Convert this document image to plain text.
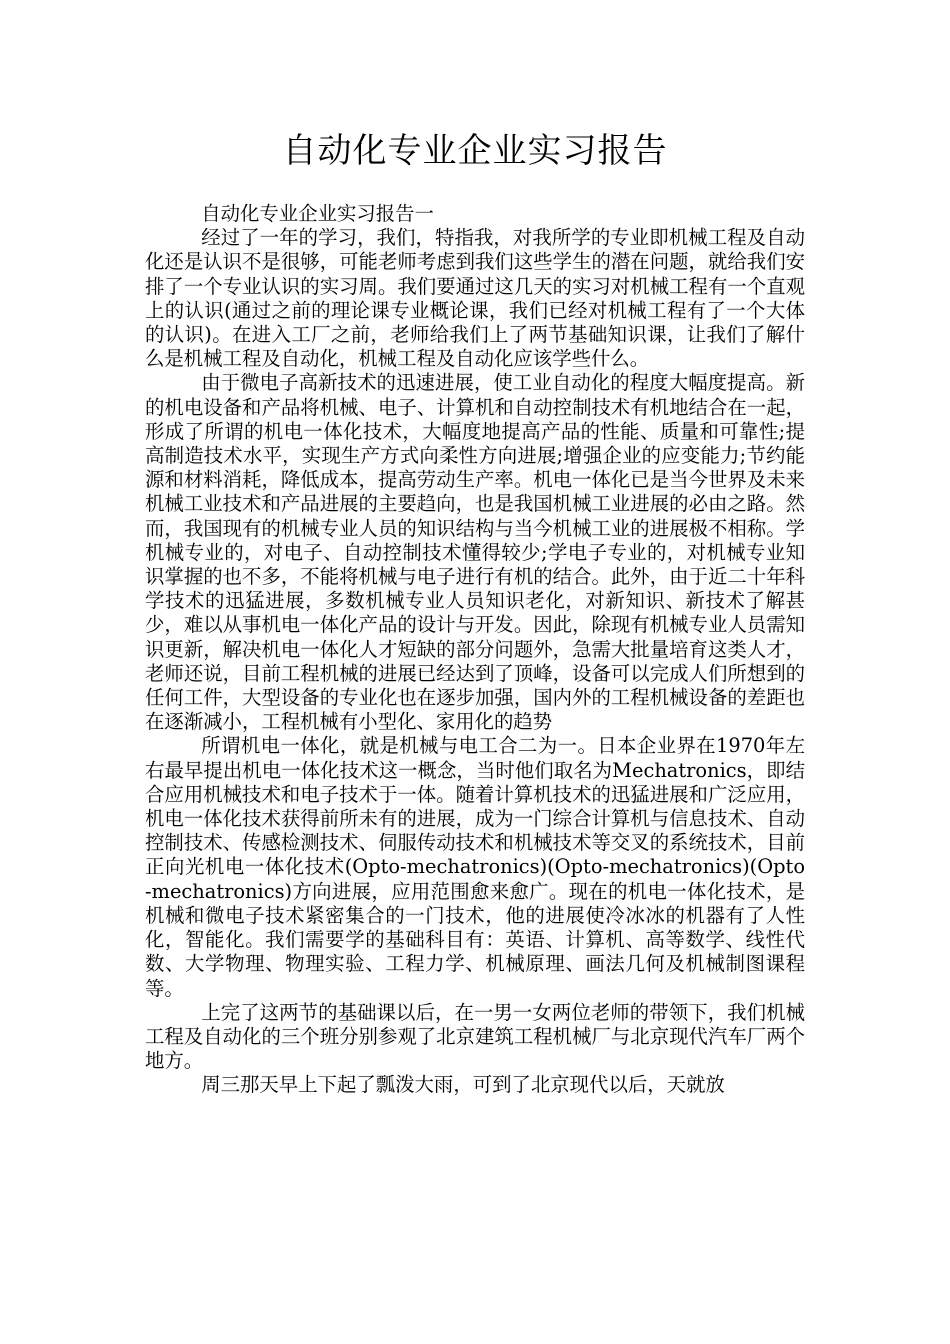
自动化专业企业实习报告

自动化专业企业实习报告一

经过了一年的学习，我们，特指我，对我所学的专业即机械工程及自动化还是认识不是很够，可能老师考虑到我们这些学生的潜在问题，就给我们安排了一个专业认识的实习周。我们要通过这几天的实习对机械工程有一个直观上的认识(通过之前的理论课专业概论课，我们已经对机械工程有了一个大体的认识)。在进入工厂之前，老师给我们上了两节基础知识课，让我们了解什么是机械工程及自动化，机械工程及自动化应该学些什么。

由于微电子高新技术的迅速进展，使工业自动化的程度大幅度提高。新的机电设备和产品将机械、电子、计算机和自动控制技术有机地结合在一起，形成了所谓的机电一体化技术，大幅度地提高产品的性能、质量和可靠性;提高制造技术水平，实现生产方式向柔性方向进展;增强企业的应变能力;节约能源和材料消耗，降低成本，提高劳动生产率。机电一体化已是当今世界及未来机械工业技术和产品进展的主要趋向，也是我国机械工业进展的必由之路。然而，我国现有的机械专业人员的知识结构与当今机械工业的进展极不相称。学机械专业的，对电子、自动控制技术懂得较少;学电子专业的，对机械专业知识掌握的也不多，不能将机械与电子进行有机的结合。此外，由于近二十年科学技术的迅猛进展，多数机械专业人员知识老化，对新知识、新技术了解甚少，难以从事机电一体化产品的设计与开发。因此，除现有机械专业人员需知识更新，解决机电一体化人才短缺的部分问题外，急需大批量培育这类人才，老师还说，目前工程机械的进展已经达到了顶峰，设备可以完成人们所想到的任何工件，大型设备的专业化也在逐步加强，国内外的工程机械设备的差距也在逐渐减小，工程机械有小型化、家用化的趋势

所谓机电一体化，就是机械与电工合二为一。日本企业界在1970年左右最早提出机电一体化技术这一概念，当时他们取名为Mechatronics，即结合应用机械技术和电子技术于一体。随着计算机技术的迅猛进展和广泛应用，机电一体化技术获得前所未有的进展，成为一门综合计算机与信息技术、自动控制技术、传感检测技术、伺服传动技术和机械技术等交叉的系统技术，目前正向光机电一体化技术(Opto-mechatronics)(Opto-mechatronics)(Opto-mechatronics)方向进展，应用范围愈来愈广。现在的机电一体化技术，是机械和微电子技术紧密集合的一门技术，他的进展使冷冰冰的机器有了人性化，智能化。我们需要学的基础科目有：英语、计算机、高等数学、线性代数、大学物理、物理实验、工程力学、机械原理、画法几何及机械制图课程等。

上完了这两节的基础课以后，在一男一女两位老师的带领下，我们机械工程及自动化的三个班分别参观了北京建筑工程机械厂与北京现代汽车厂两个地方。

周三那天早上下起了瓢泼大雨，可到了北京现代以后，天就放
